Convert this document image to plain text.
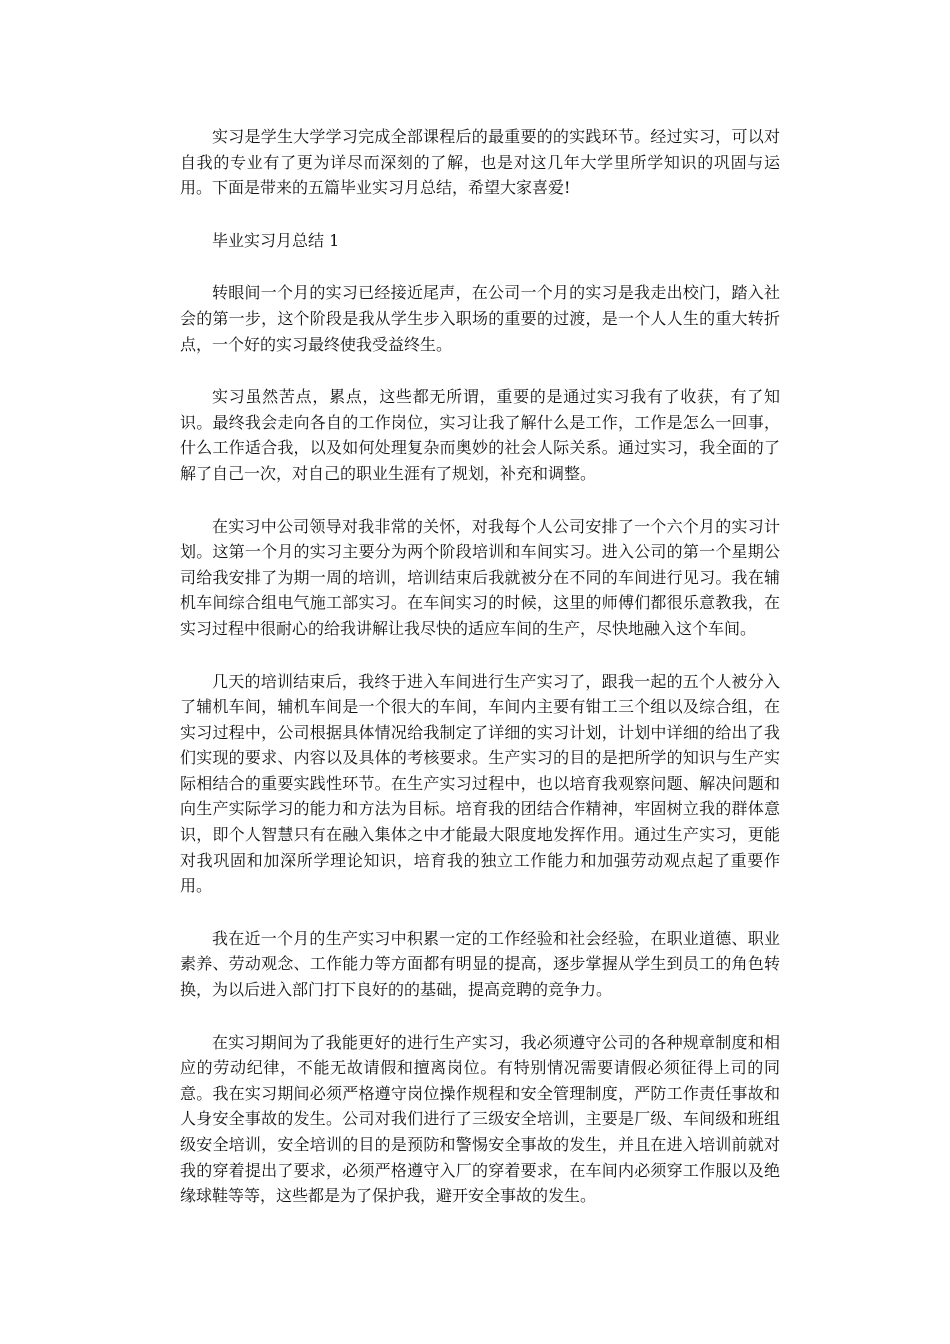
实习是学生大学学习完成全部课程后的最重要的的实践环节。经过实习，可以对自我的专业有了更为详尽而深刻的了解，也是对这几年大学里所学知识的巩固与运用。下面是带来的五篇毕业实习月总结，希望大家喜爱!

毕业实习月总结 1

转眼间一个月的实习已经接近尾声，在公司一个月的实习是我走出校门，踏入社会的第一步，这个阶段是我从学生步入职场的重要的过渡，是一个人人生的重大转折点，一个好的实习最终使我受益终生。

实习虽然苦点，累点，这些都无所谓，重要的是通过实习我有了收获，有了知识。最终我会走向各自的工作岗位，实习让我了解什么是工作，工作是怎么一回事，什么工作适合我，以及如何处理复杂而奥妙的社会人际关系。通过实习，我全面的了解了自己一次，对自己的职业生涯有了规划，补充和调整。

在实习中公司领导对我非常的关怀，对我每个人公司安排了一个六个月的实习计划。这第一个月的实习主要分为两个阶段培训和车间实习。进入公司的第一个星期公司给我安排了为期一周的培训，培训结束后我就被分在不同的车间进行见习。我在辅机车间综合组电气施工部实习。在车间实习的时候，这里的师傅们都很乐意教我，在实习过程中很耐心的给我讲解让我尽快的适应车间的生产，尽快地融入这个车间。

几天的培训结束后，我终于进入车间进行生产实习了，跟我一起的五个人被分入了辅机车间，辅机车间是一个很大的车间，车间内主要有钳工三个组以及综合组，在实习过程中，公司根据具体情况给我制定了详细的实习计划，计划中详细的给出了我们实现的要求、内容以及具体的考核要求。生产实习的目的是把所学的知识与生产实际相结合的重要实践性环节。在生产实习过程中，也以培育我观察问题、解决问题和向生产实际学习的能力和方法为目标。培育我的团结合作精神，牢固树立我的群体意识，即个人智慧只有在融入集体之中才能最大限度地发挥作用。通过生产实习，更能对我巩固和加深所学理论知识，培育我的独立工作能力和加强劳动观点起了重要作用。

我在近一个月的生产实习中积累一定的工作经验和社会经验，在职业道德、职业素养、劳动观念、工作能力等方面都有明显的提高，逐步掌握从学生到员工的角色转换，为以后进入部门打下良好的的基础，提高竞聘的竞争力。

在实习期间为了我能更好的进行生产实习，我必须遵守公司的各种规章制度和相应的劳动纪律，不能无故请假和擅离岗位。有特别情况需要请假必须征得上司的同意。我在实习期间必须严格遵守岗位操作规程和安全管理制度，严防工作责任事故和人身安全事故的发生。公司对我们进行了三级安全培训，主要是厂级、车间级和班组级安全培训，安全培训的目的是预防和警惕安全事故的发生，并且在进入培训前就对我的穿着提出了要求，必须严格遵守入厂的穿着要求，在车间内必须穿工作服以及绝缘球鞋等等，这些都是为了保护我，避开安全事故的发生。
